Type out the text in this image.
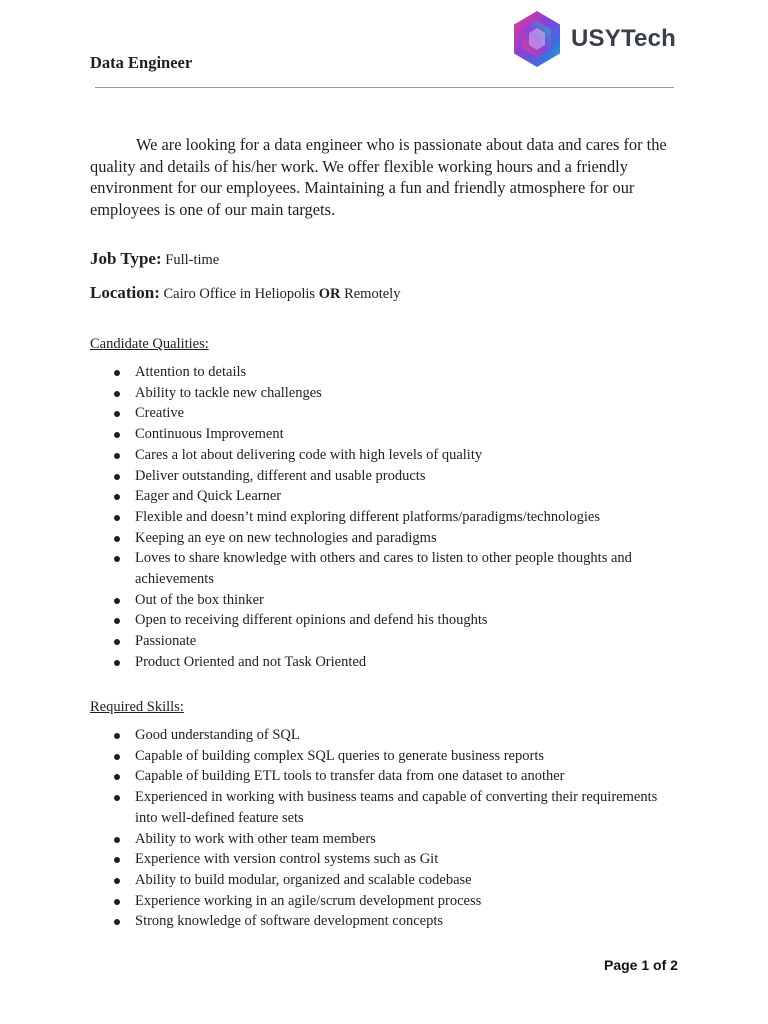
USYTech
Data Engineer

We are looking for a data engineer who is passionate about data and cares for the quality and details of his/her work. We offer flexible working hours and a friendly environment for our employees. Maintaining a fun and friendly atmosphere for our employees is one of our main targets.

Job Type: Full-time

Location: Cairo Office in Heliopolis OR Remotely

Candidate Qualities:

Attention to details
Ability to tackle new challenges
Creative
Continuous Improvement
Cares a lot about delivering code with high levels of quality
Deliver outstanding, different and usable products
Eager and Quick Learner
Flexible and doesn’t mind exploring different platforms/paradigms/technologies
Keeping an eye on new technologies and paradigms
Loves to share knowledge with others and cares to listen to other people thoughts and achievements
Out of the box thinker
Open to receiving different opinions and defend his thoughts
Passionate
Product Oriented and not Task Oriented

Required Skills:

Good understanding of SQL
Capable of building complex SQL queries to generate business reports
Capable of building ETL tools to transfer data from one dataset to another
Experienced in working with business teams and capable of converting their requirements into well-defined feature sets
Ability to work with other team members
Experience with version control systems such as Git
Ability to build modular, organized and scalable codebase
Experience working in an agile/scrum development process
Strong knowledge of software development concepts
Page 1 of 2
